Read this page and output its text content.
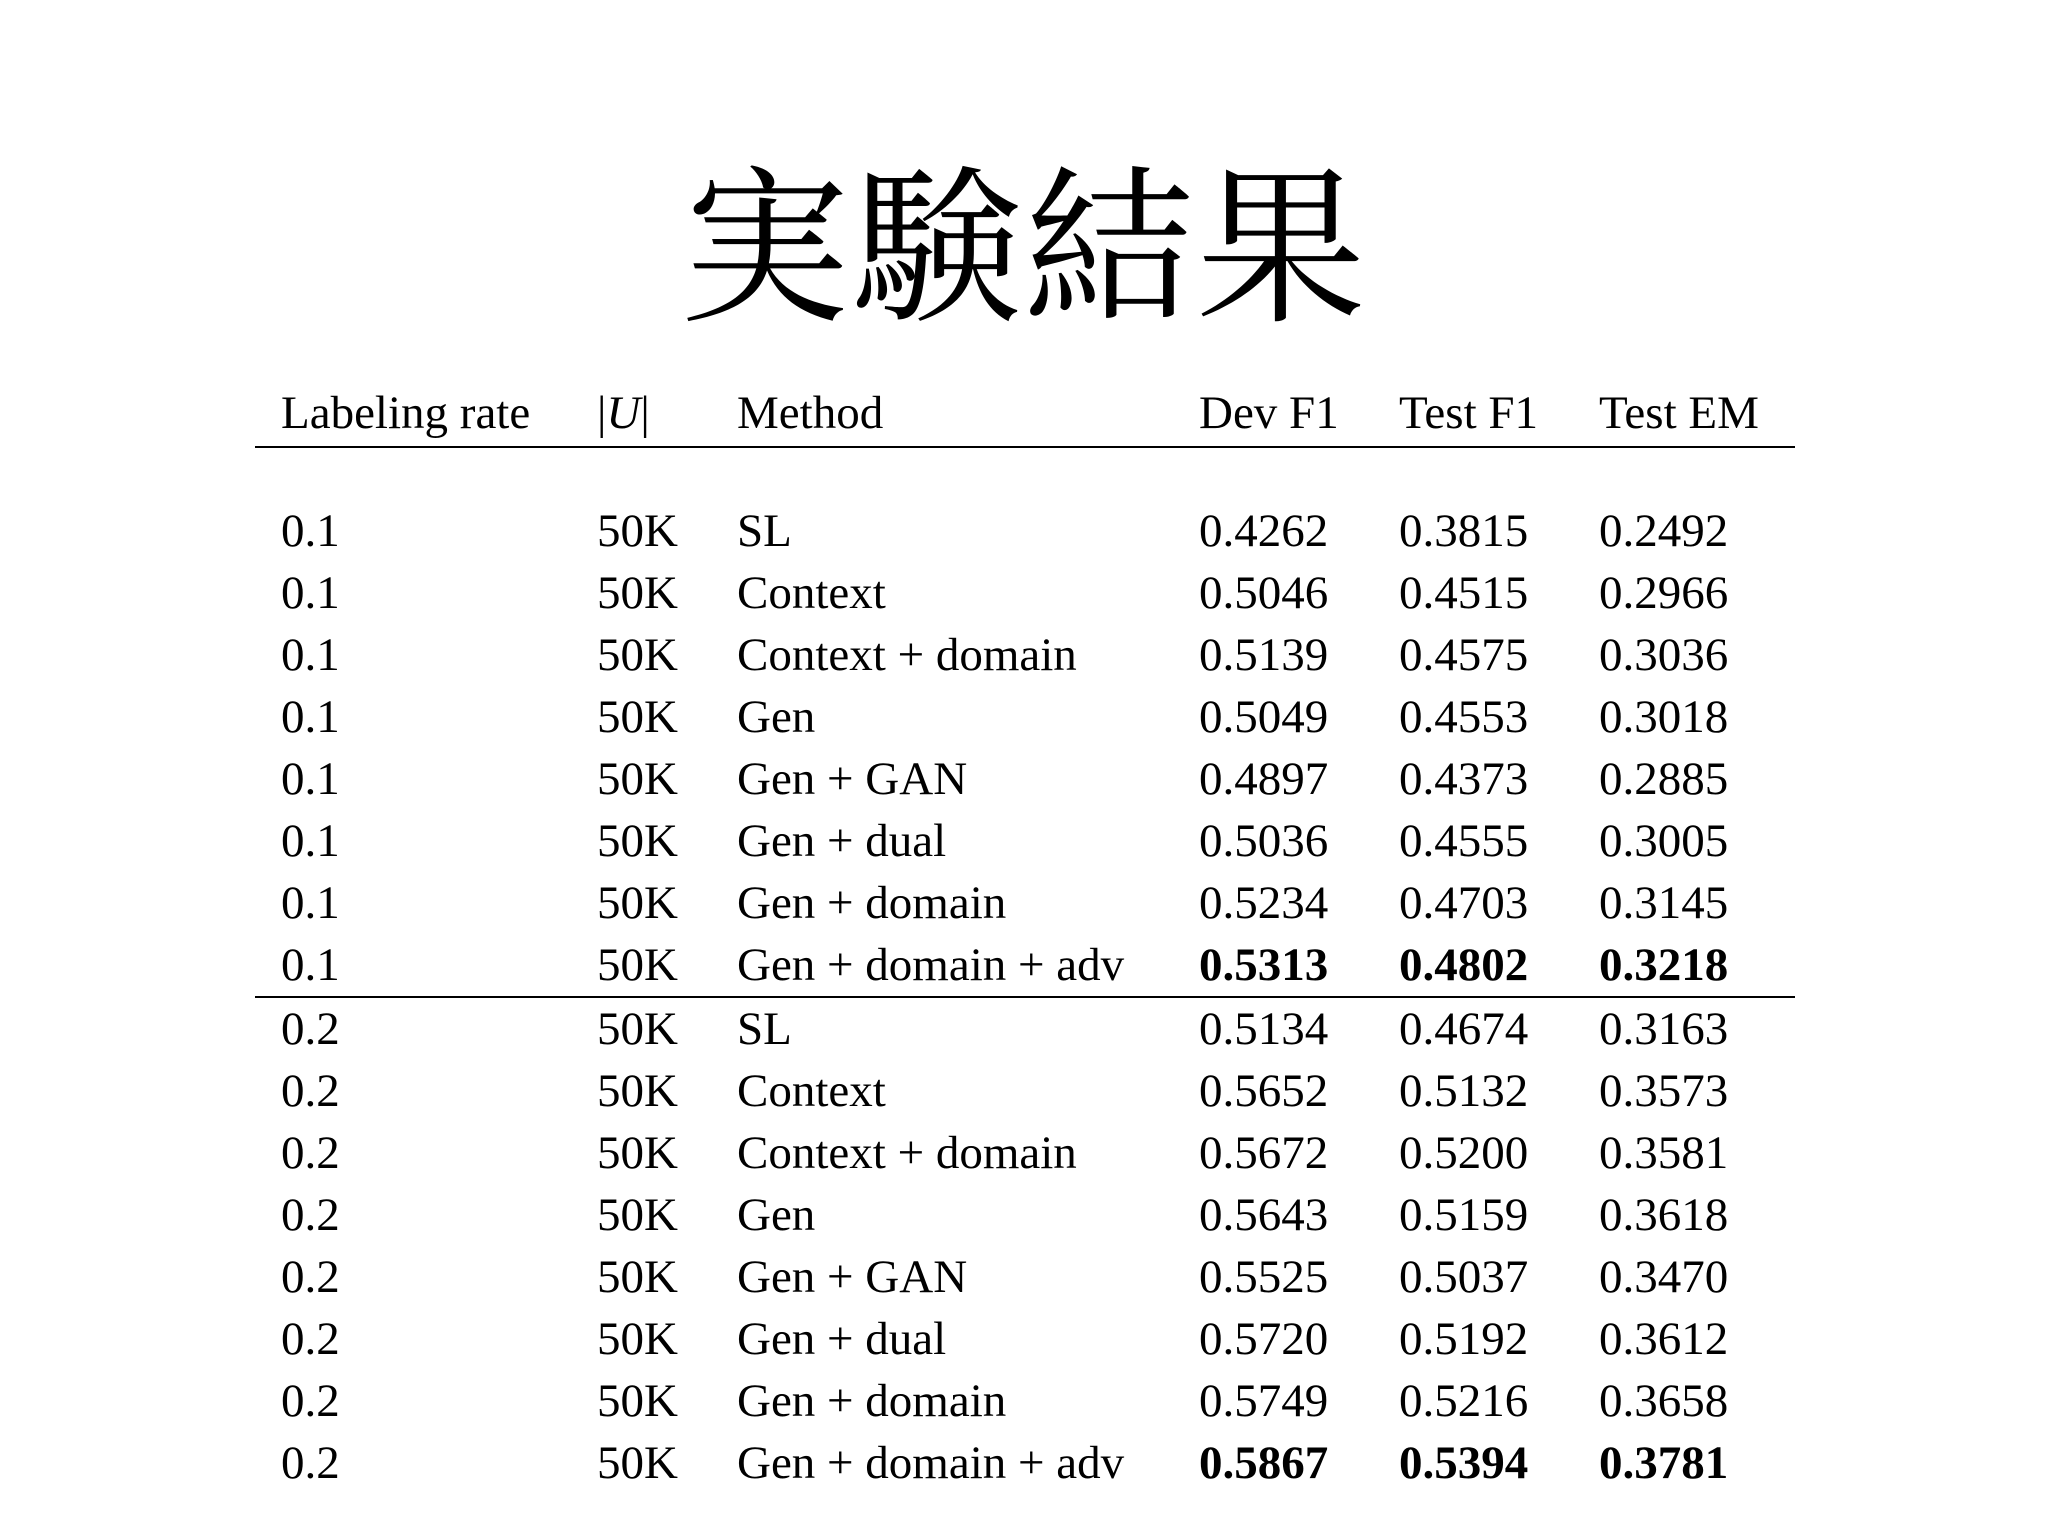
実験結果
Labeling rate |U| Method	Dev F1 Test F1 Test EM
0.1	50K SL	0.4262 0.3815 0.2492
0.1	50K Context	0.5046 0.4515 0.2966
0.1	50K Context + domain	0.5139 0.4575 0.3036
0.1	50K Gen	0.5049 0.4553 0.3018
0.1	50K Gen + GAN	0.4897 0.4373 0.2885
0.1	50K Gen + dual	0.5036 0.4555 0.3005
0.1	50K Gen + domain	0.5234 0.4703 0.3145
0.1	50K Gen + domain + adv 0.5313 0.4802 0.3218
0.2	50K SL	0.5134 0.4674 0.3163
0.2	50K Context	0.5652 0.5132 0.3573
0.2	50K Context + domain	0.5672 0.5200 0.3581
0.2	50K Gen	0.5643 0.5159 0.3618
0.2	50K Gen + GAN	0.5525 0.5037 0.3470
0.2	50K Gen + dual	0.5720 0.5192 0.3612
0.2	50K Gen + domain	0.5749 0.5216 0.3658
0.2	50K Gen + domain + adv 0.5867 0.5394 0.3781
